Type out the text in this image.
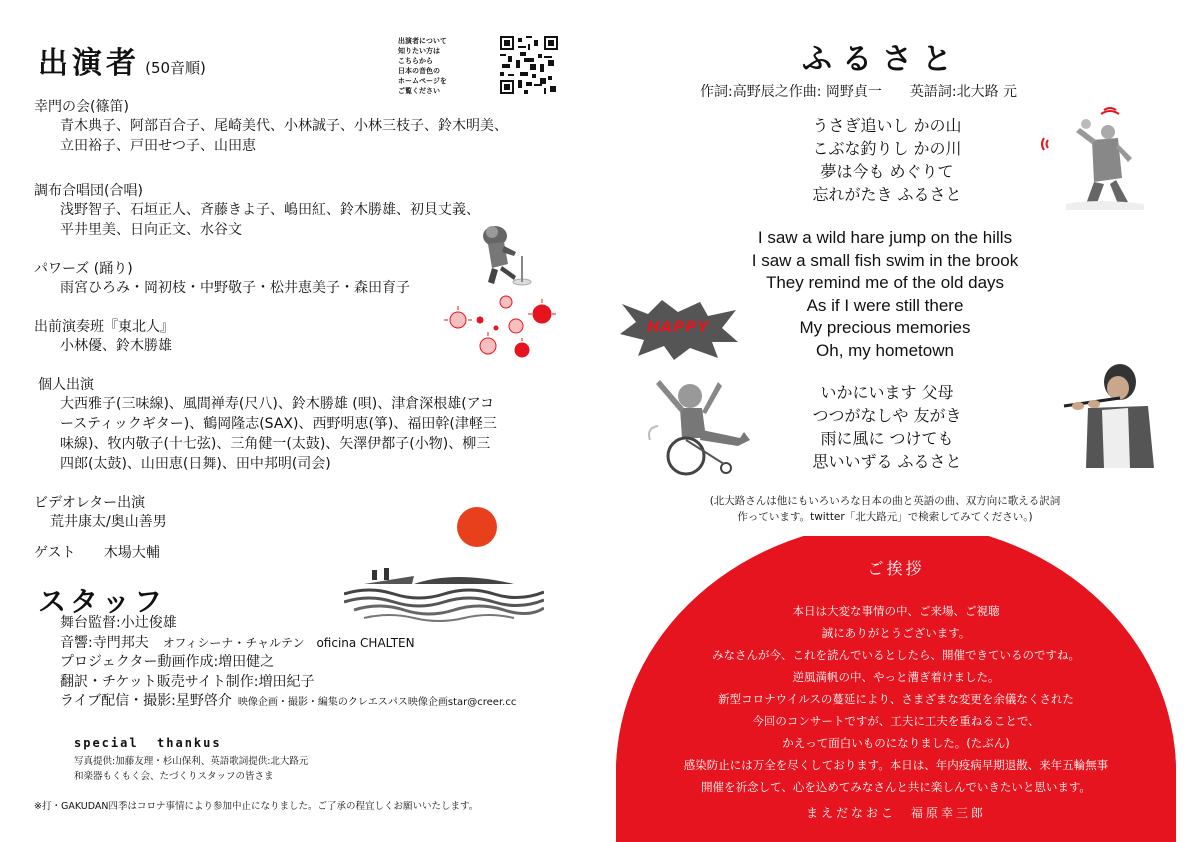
出演者 (50音順)
出演者について
知りたい方は
こちらから
日本の音色の
ホームページを
ご覧ください
幸門の会(篠笛)
青木典子、阿部百合子、尾崎美代、小林誠子、小林三枝子、鈴木明美、
立田裕子、戸田せつ子、山田恵
調布合唱団(合唱)
浅野智子、石垣正人、斉藤きよ子、嶋田紅、鈴木勝雄、初貝丈義、
平井里美、日向正文、水谷文
パワーズ (踊り)
雨宮ひろみ・岡初枝・中野敬子・松井恵美子・森田育子
出前演奏班『東北人』
小林優、鈴木勝雄
個人出演
大西雅子(三味線)、風間禅寿(尺八)、鈴木勝雄 (唄)、津倉深根雄(アコ
ースティックギター)、鶴岡隆志(SAX)、西野明恵(箏)、福田幹(津軽三
味線)、牧内敬子(十七弦)、三角健一(太鼓)、矢澤伊都子(小物)、柳三
四郎(太鼓)、山田恵(日舞)、田中邦明(司会)
ビデオレター出演
荒井康太/奥山善男
ゲスト 木場大輔
スタッフ
舞台監督:小辻俊雄
音響:寺門邦夫 オフィシーナ・チャルテン　oficina CHALTEN
プロジェクター動画作成:増田健之
翻訳・チケット販売サイト制作:増田紀子
ライブ配信・撮影:星野啓介 映像企画・撮影・編集のクレエスパス映像企画star@creer.cc
special  thankus
写真提供:加藤友理・杉山保利、英語歌詞提供:北大路元
和楽器もくもく会、たづくりスタッフの皆さま
※打・GAKUDAN四季はコロナ事情により参加中止になりました。ご了承の程宜しくお願いいたします。
ふるさと
作詞:高野辰之作曲: 岡野貞一　　英語詞:北大路 元
うさぎ追いし かの山
こぶな釣りし かの川
夢は今も めぐりて
忘れがたき ふるさと
I saw a wild hare jump on the hills
I saw a small fish swim in the brook
They remind me of the old days
As if I were still there
My precious memories
Oh, my hometown
HAPPY
いかにいます 父母
つつがなしや 友がき
雨に風に つけても
思いいずる ふるさと
(北大路さんは他にもいろいろな日本の曲と英語の曲、双方向に歌える訳詞
作っています。twitter「北大路元」で検索してみてください。)
ご挨拶

本日は大変な事情の中、ご来場、ご視聴

誠にありがとうございます。

みなさんが今、これを読んでいるとしたら、開催できているのですね。

逆風満帆の中、やっと漕ぎ着けました。

新型コロナウイルスの蔓延により、さまざまな変更を余儀なくされた

今回のコンサートですが、工夫に工夫を重ねることで、

かえって面白いものになりました。(たぶん)

感染防止には万全を尽くしております。本日は、年内疫病早期退散、来年五輪無事

開催を祈念して、心を込めてみなさんと共に楽しんでいきたいと思います。

まえだなおこ　福原幸三郎
